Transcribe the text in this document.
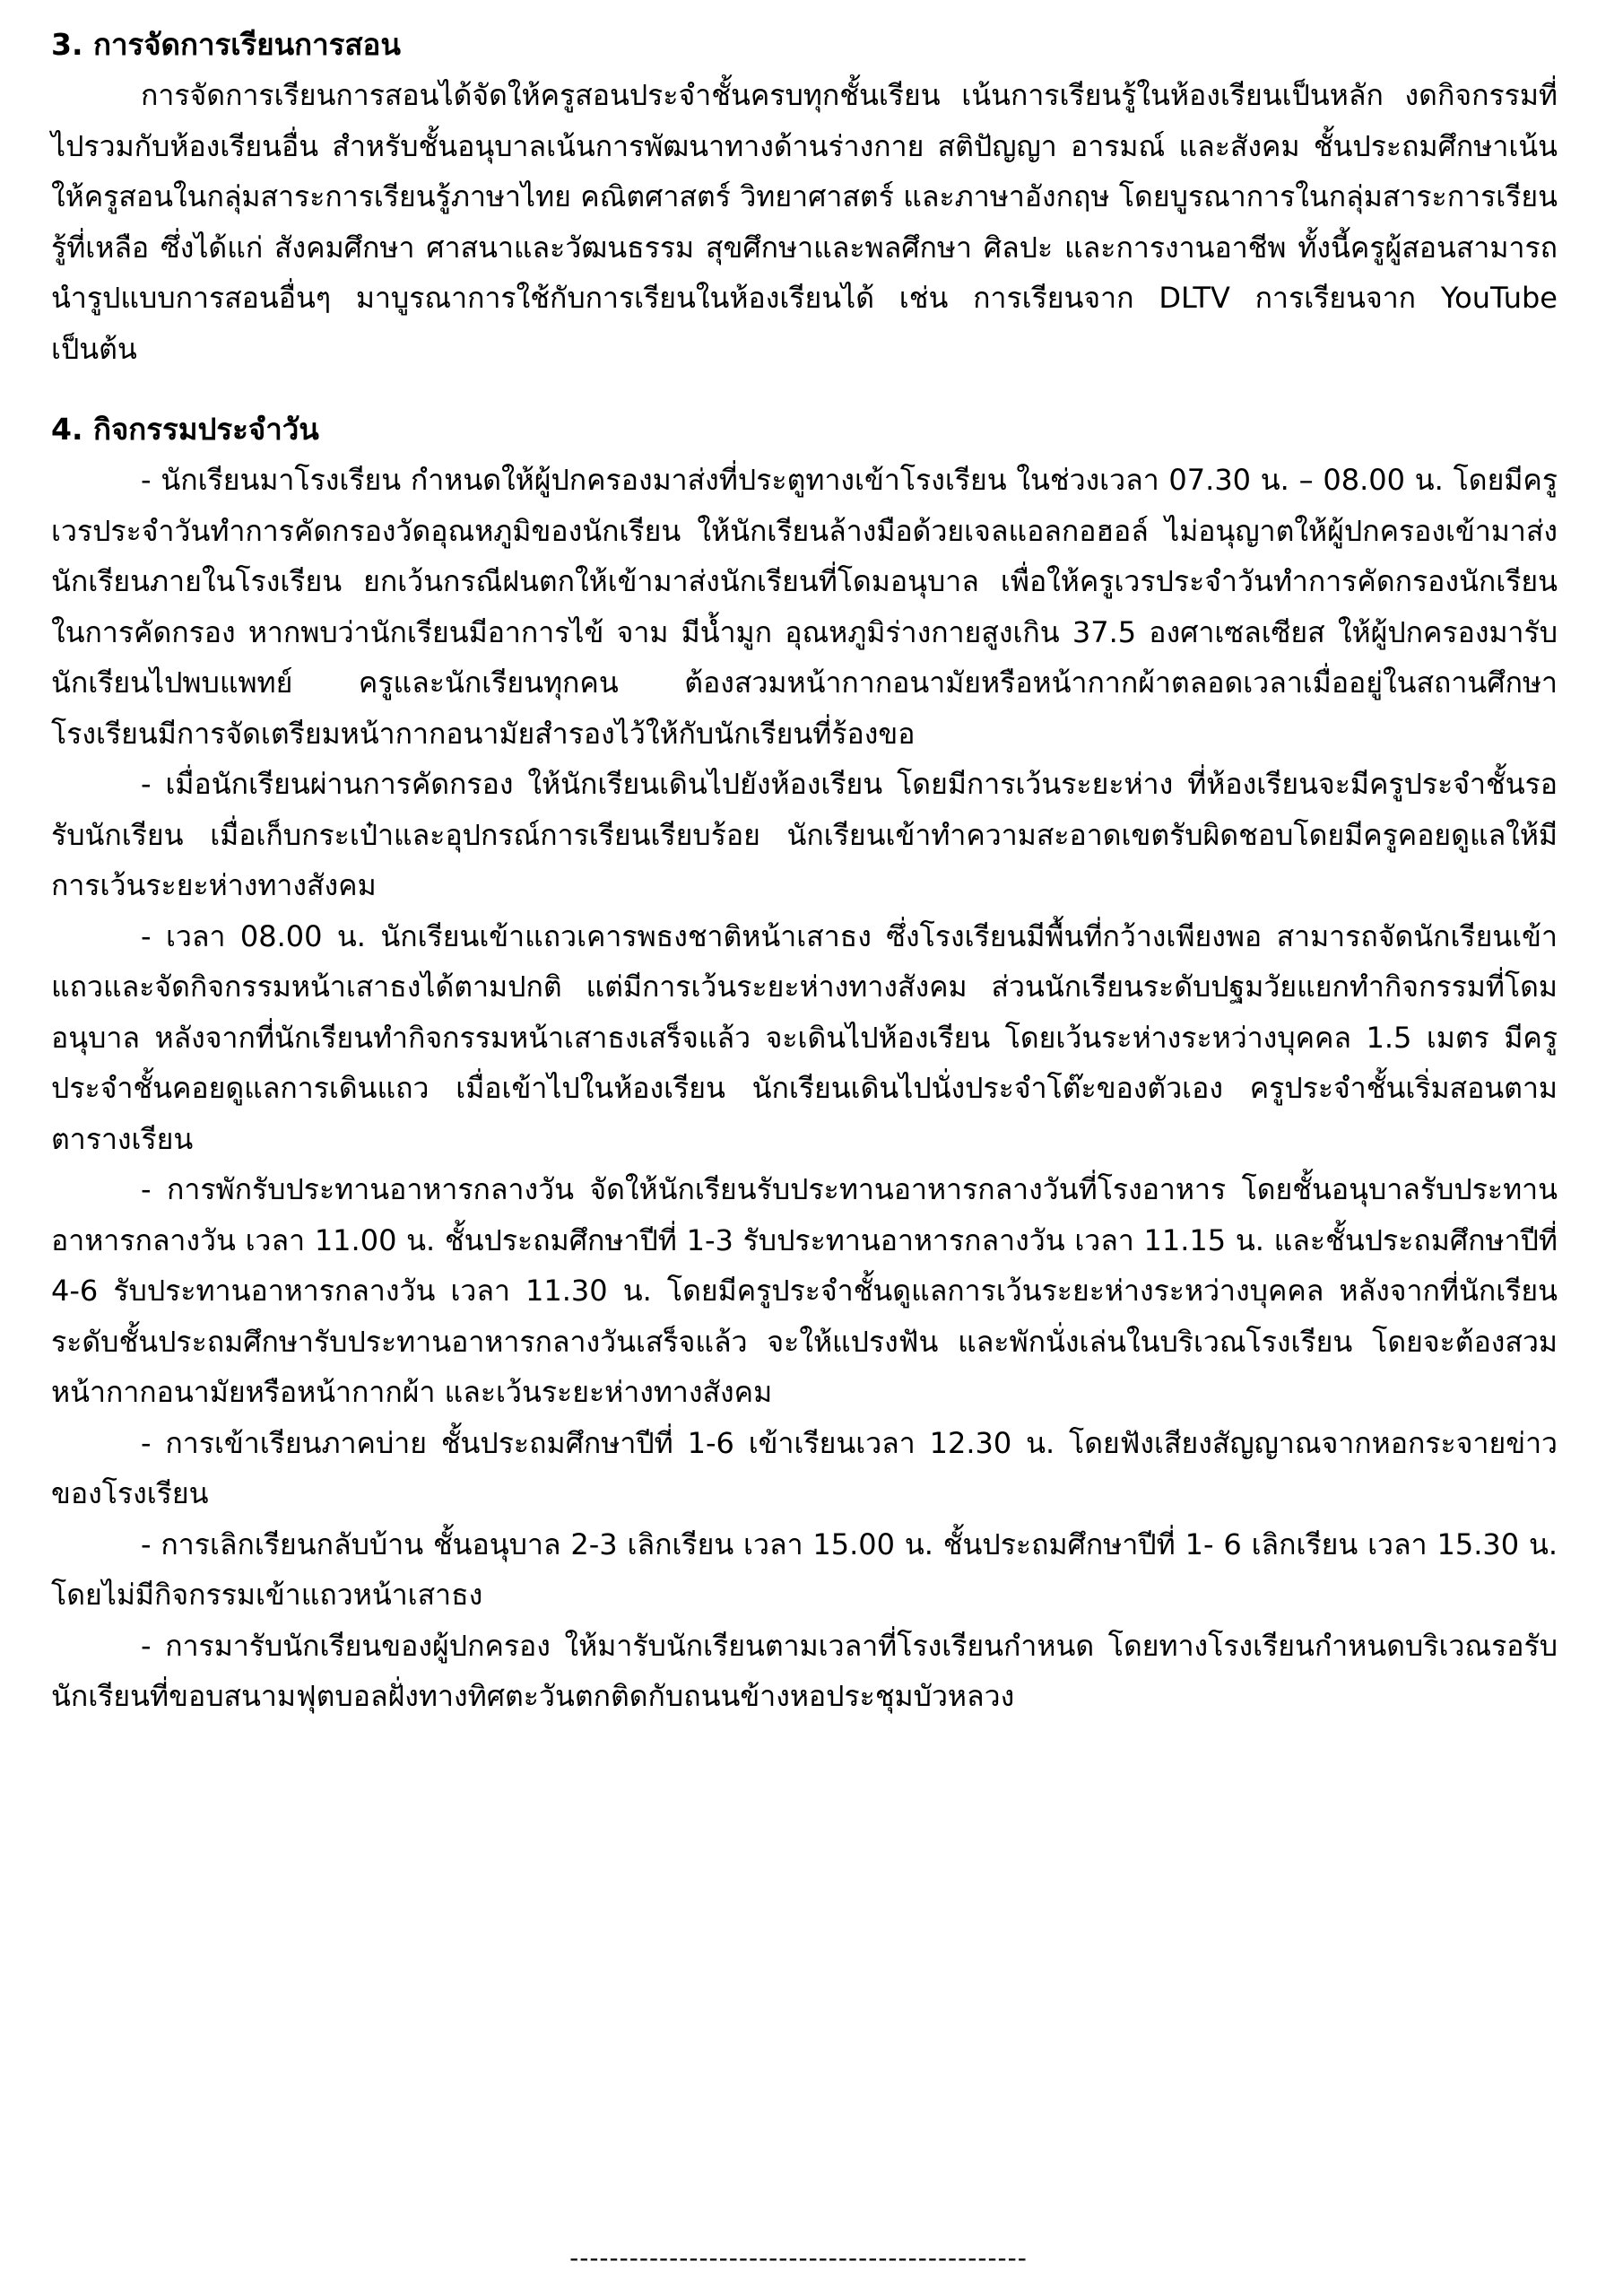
3. การจัดการเรียนการสอน

การจัดการเรียนการสอนได้จัดให้ครูสอนประจำชั้นครบทุกชั้นเรียน เน้นการเรียนรู้ในห้องเรียนเป็นหลัก งดกิจกรรมที่ไปรวมกับห้องเรียนอื่น สำหรับชั้นอนุบาลเน้นการพัฒนาทางด้านร่างกาย สติปัญญา อารมณ์ และสังคม ชั้นประถมศึกษาเน้นให้ครูสอนในกลุ่มสาระการเรียนรู้ภาษาไทย คณิตศาสตร์ วิทยาศาสตร์ และภาษาอังกฤษ โดยบูรณาการในกลุ่มสาระการเรียนรู้ที่เหลือ ซึ่งได้แก่ สังคมศึกษา ศาสนาและวัฒนธรรม สุขศึกษาและพลศึกษา ศิลปะ และการงานอาชีพ ทั้งนี้ครูผู้สอนสามารถนำรูปแบบการสอนอื่นๆ มาบูรณาการใช้กับการเรียนในห้องเรียนได้ เช่น การเรียนจาก DLTV การเรียนจาก YouTube เป็นต้น

4. กิจกรรมประจำวัน

- นักเรียนมาโรงเรียน กำหนดให้ผู้ปกครองมาส่งที่ประตูทางเข้าโรงเรียน ในช่วงเวลา 07.30 น. – 08.00 น. โดยมีครูเวรประจำวันทำการคัดกรองวัดอุณหภูมิของนักเรียน ให้นักเรียนล้างมือด้วยเจลแอลกอฮอล์ ไม่อนุญาตให้ผู้ปกครองเข้ามาส่งนักเรียนภายในโรงเรียน ยกเว้นกรณีฝนตกให้เข้ามาส่งนักเรียนที่โดมอนุบาล เพื่อให้ครูเวรประจำวันทำการคัดกรองนักเรียน ในการคัดกรอง หากพบว่านักเรียนมีอาการไข้ จาม มีน้ำมูก อุณหภูมิร่างกายสูงเกิน 37.5 องศาเซลเซียส ให้ผู้ปกครองมารับนักเรียนไปพบแพทย์ ครูและนักเรียนทุกคน ต้องสวมหน้ากากอนามัยหรือหน้ากากผ้าตลอดเวลาเมื่ออยู่ในสถานศึกษา โรงเรียนมีการจัดเตรียมหน้ากากอนามัยสำรองไว้ให้กับนักเรียนที่ร้องขอ

- เมื่อนักเรียนผ่านการคัดกรอง ให้นักเรียนเดินไปยังห้องเรียน โดยมีการเว้นระยะห่าง ที่ห้องเรียนจะมีครูประจำชั้นรอรับนักเรียน เมื่อเก็บกระเป๋าและอุปกรณ์การเรียนเรียบร้อย นักเรียนเข้าทำความสะอาดเขตรับผิดชอบโดยมีครูคอยดูแลให้มีการเว้นระยะห่างทางสังคม

- เวลา 08.00 น. นักเรียนเข้าแถวเคารพธงชาติหน้าเสาธง ซึ่งโรงเรียนมีพื้นที่กว้างเพียงพอ สามารถจัดนักเรียนเข้าแถวและจัดกิจกรรมหน้าเสาธงได้ตามปกติ แต่มีการเว้นระยะห่างทางสังคม ส่วนนักเรียนระดับปฐมวัยแยกทำกิจกรรมที่โดมอนุบาล หลังจากที่นักเรียนทำกิจกรรมหน้าเสาธงเสร็จแล้ว จะเดินไปห้องเรียน โดยเว้นระห่างระหว่างบุคคล 1.5 เมตร มีครูประจำชั้นคอยดูแลการเดินแถว เมื่อเข้าไปในห้องเรียน นักเรียนเดินไปนั่งประจำโต๊ะของตัวเอง ครูประจำชั้นเริ่มสอนตามตารางเรียน

- การพักรับประทานอาหารกลางวัน จัดให้นักเรียนรับประทานอาหารกลางวันที่โรงอาหาร โดยชั้นอนุบาลรับประทานอาหารกลางวัน เวลา 11.00 น. ชั้นประถมศึกษาปีที่ 1-3 รับประทานอาหารกลางวัน เวลา 11.15 น. และชั้นประถมศึกษาปีที่ 4-6 รับประทานอาหารกลางวัน เวลา 11.30 น. โดยมีครูประจำชั้นดูแลการเว้นระยะห่างระหว่างบุคคล หลังจากที่นักเรียนระดับชั้นประถมศึกษารับประทานอาหารกลางวันเสร็จแล้ว จะให้แปรงฟัน และพักนั่งเล่นในบริเวณโรงเรียน โดยจะต้องสวมหน้ากากอนามัยหรือหน้ากากผ้า และเว้นระยะห่างทางสังคม

- การเข้าเรียนภาคบ่าย ชั้นประถมศึกษาปีที่ 1-6 เข้าเรียนเวลา 12.30 น. โดยฟังเสียงสัญญาณจากหอกระจายข่าวของโรงเรียน

- การเลิกเรียนกลับบ้าน ชั้นอนุบาล 2-3 เลิกเรียน เวลา 15.00 น. ชั้นประถมศึกษาปีที่ 1- 6 เลิกเรียน เวลา 15.30 น. โดยไม่มีกิจกรรมเข้าแถวหน้าเสาธง

- การมารับนักเรียนของผู้ปกครอง ให้มารับนักเรียนตามเวลาที่โรงเรียนกำหนด โดยทางโรงเรียนกำหนดบริเวณรอรับนักเรียนที่ขอบสนามฟุตบอลฝั่งทางทิศตะวันตกติดกับถนนข้างหอประชุมบัวหลวง

----------------------------------------------
